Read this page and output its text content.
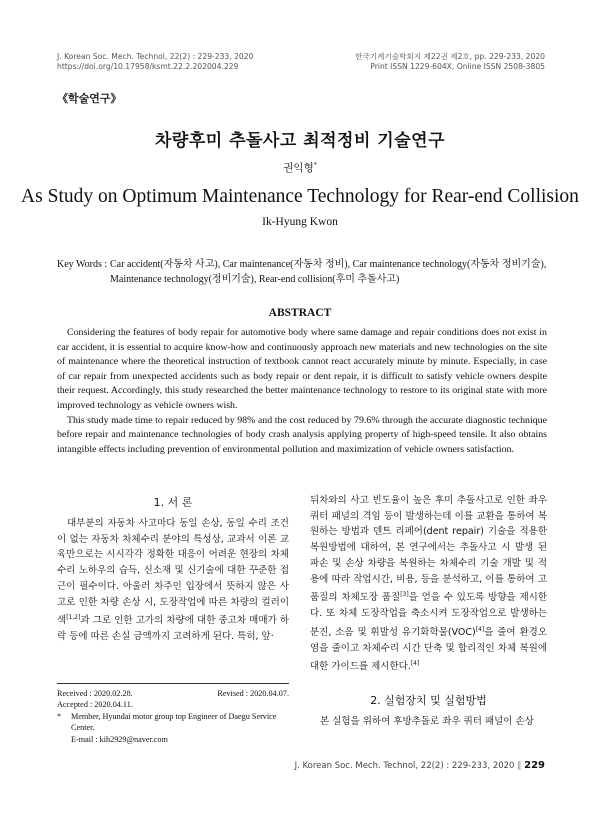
J. Korean Soc. Mech. Technol, 22(2) : 229-233, 2020
https://doi.org/10.17958/ksmt.22.2.202004.229
한국기계기술학회지 제22권 제2호, pp. 229-233, 2020
Print ISSN 1229-604X, Online ISSN 2508-3805
《학술연구》
차량후미 추돌사고 최적정비 기술연구
권익형*
As Study on Optimum Maintenance Technology for Rear-end Collision
Ik-Hyung Kwon
Key Words : Car accident(자동차 사고), Car maintenance(자동차 정비), Car maintenance technology(자동차 정비기술), Maintenance technology(정비기술), Rear-end collision(후미 추돌사고)
ABSTRACT

Considering the features of body repair for automotive body where same damage and repair conditions does not exist in car accident, it is essential to acquire know-how and continuously approach new materials and new technologies on the site of maintenance where the theoretical instruction of textbook cannot react accurately minute by minute. Especially, in case of car repair from unexpected accidents such as body repair or dent repair, it is difficult to satisfy vehicle owners despite their request. Accordingly, this study researched the better maintenance technology to restore to its original state with more improved technology as vehicle owners wish.

This study made time to repair reduced by 98% and the cost reduced by 79.6% through the accurate diagnostic technique before repair and maintenance technologies of body crash analysis applying property of high-speed tensile. It also obtains intangible effects including prevention of environmental pollution and maximization of vehicle owners satisfaction.

1. 서 론

대부분의 자동차 사고마다 동일 손상, 동일 수리 조건이 없는 자동차 차체수리 분야의 특성상, 교과서 이론 교육만으로는 시시각각 정확한 대응이 어려운 현장의 차체수리 노하우의 습득, 신소재 및 신기술에 대한 꾸준한 접근이 필수이다. 아울러 차주인 입장에서 뜻하지 않은 사고로 인한 차량 손상 시, 도장작업에 따른 차량의 컬러이색[1,2]과 그로 인한 고가의 차량에 대한 중고차 매매가 하락 등에 따른 손실 금액까지 고려하게 된다. 특히, 앞·

뒤차와의 사고 빈도율이 높은 후미 추돌사고로 인한 좌우 쿼터 패널의 격임 등이 발생하는데 이를 교환을 통하여 복원하는 방법과 덴트 리페어(dent repair) 기술을 적용한 복원방법에 대하여, 본 연구에서는 추돌사고 시 발생 된 파손 및 손상 차량을 복원하는 차체수리 기술 개발 및 적용에 따라 작업시간, 비용, 등을 분석하고, 이를 통하여 고품질의 차체도장 품질[3]을 얻을 수 있도록 방향을 제시한다. 또 차체 도장작업을 축소시켜 도장작업으로 발생하는 분진, 소음 및 휘발성 유기화학물(VOC)[4]을 줄여 환경오염을 줄이고 차체수리 시간 단축 및 합리적인 차체 복원에 대한 가이드를 제시한다.[4]

Received : 2020.02.28.	Revised : 2020.04.07.
Accepted : 2020.04.11.
*	Member, Hyundai motor group top Engineer of Daegu Service Center.
E-mail : kih2929@naver.com
2. 실험장치 및 실험방법

본 실험을 위하여 후방추돌로 좌우 쿼터 패널이 손상

J. Korean Soc. Mech. Technol, 22(2) : 229-233, 2020 ‖ 229
